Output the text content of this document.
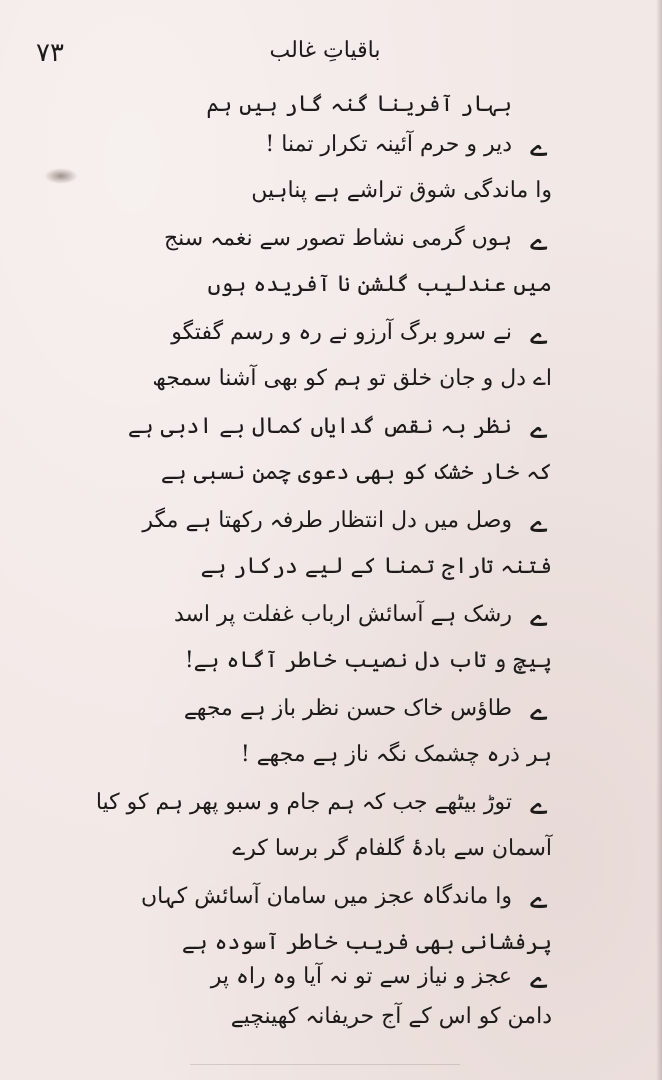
۷۳	باقیاتِ غالب
بہار آفرینا گنہ گار ہیں ہم
دیر و حرم آئینہ تکرار تمنا ! ے
وا ماندگی شوق تراشے ہے پناہیں
ہوں گرمی نشاط تصور سے نغمہ سنج ے
میں عندلیب گلشن نا آفریدہ ہوں
نے سرو برگ آرزو نے رہ و رسم گفتگو ے
اے دل و جان خلق تو ہم کو بھی آشنا سمجھ
نظر بہ نقص گدایاں کمال بے ادبی ہے ے
کہ خار خشک کو بھی دعوی چمن نسبی ہے
وصل میں دل انتظار طرفہ رکھتا ہے مگر ے
فتنہ تاراج تمنا کے لیے درکار ہے
رشک ہے آسائش ارباب غفلت پر اسد ے
پیچ و تاب دل نصیب خاطر آگاہ ہے!
طاؤس خاک حسن نظر باز ہے مجھے ے
ہر ذرہ چشمک نگہ ناز ہے مجھے !
توڑ بیٹھے جب کہ ہم جام و سبو پھر ہم کو کیا ے
آسمان سے بادۂ گلفام گر برسا کرے
وا ماندگاہ عجز میں سامان آسائش کہاں ے
پرفشانی بھی فریب خاطر آسودہ ہے
عجز و نیاز سے تو نہ آیا وہ راہ پر ے
دامن کو اس کے آج حریفانہ کھینچیے
